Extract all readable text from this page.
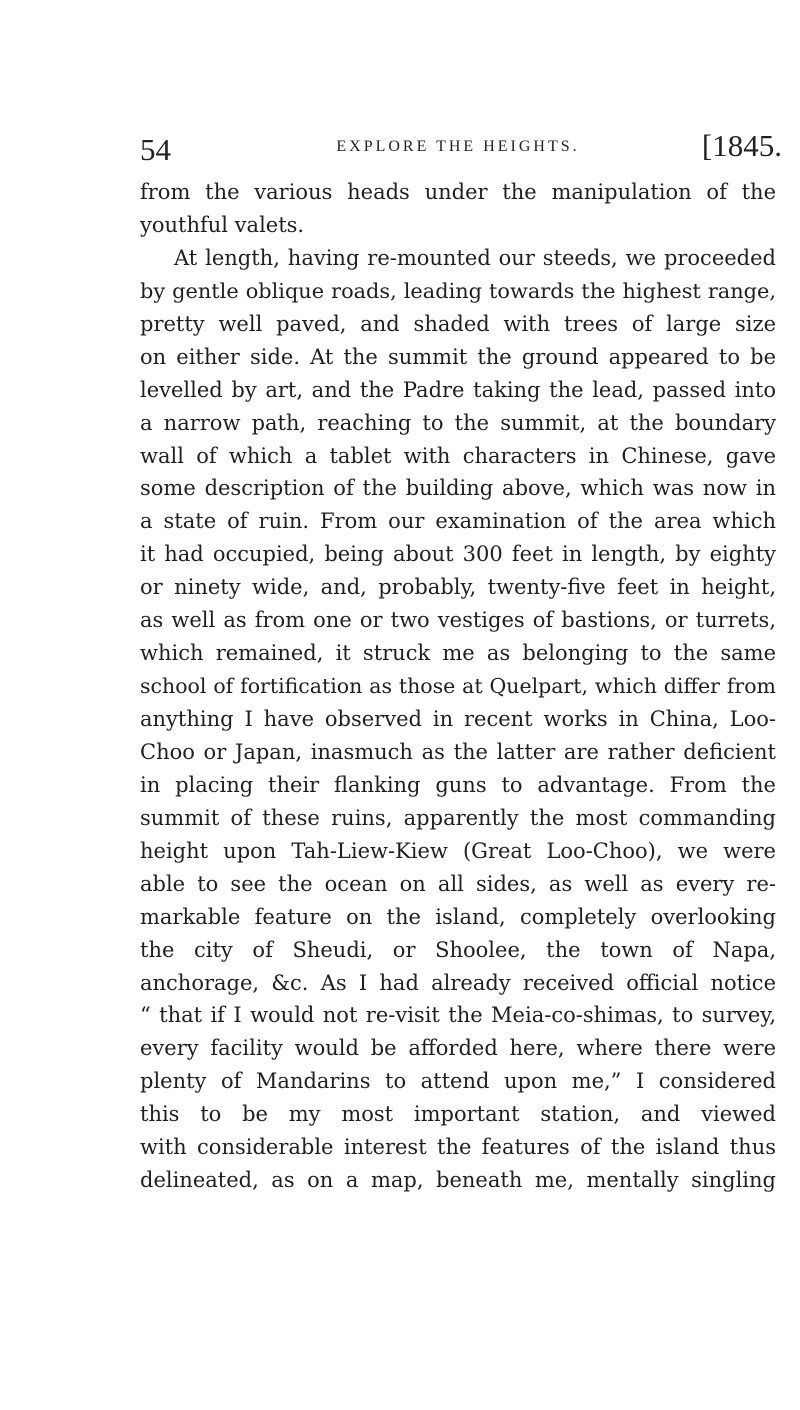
54	EXPLORE THE HEIGHTS.	[1845.
from the various heads under the manipulation of the
youthful valets.
At length, having re-mounted our steeds, we proceeded
by gentle oblique roads, leading towards the highest range,
pretty well paved, and shaded with trees of large size
on either side. At the summit the ground appeared to be
levelled by art, and the Padre taking the lead, passed into
a narrow path, reaching to the summit, at the boundary
wall of which a tablet with characters in Chinese, gave
some description of the building above, which was now in
a state of ruin. From our examination of the area which
it had occupied, being about 300 feet in length, by eighty
or ninety wide, and, probably, twenty-five feet in height,
as well as from one or two vestiges of bastions, or turrets,
which remained, it struck me as belonging to the same
school of fortification as those at Quelpart, which differ from
anything I have observed in recent works in China, Loo-
Choo or Japan, inasmuch as the latter are rather deficient
in placing their flanking guns to advantage. From the
summit of these ruins, apparently the most commanding
height upon Tah-Liew-Kiew (Great Loo-Choo), we were
able to see the ocean on all sides, as well as every re-
markable feature on the island, completely overlooking
the city of Sheudi, or Shoolee, the town of Napa,
anchorage, &c. As I had already received official notice
“ that if I would not re-visit the Meia-co-shimas, to survey,
every facility would be afforded here, where there were
plenty of Mandarins to attend upon me,” I considered
this to be my most important station, and viewed
with considerable interest the features of the island thus
delineated, as on a map, beneath me, mentally singling
